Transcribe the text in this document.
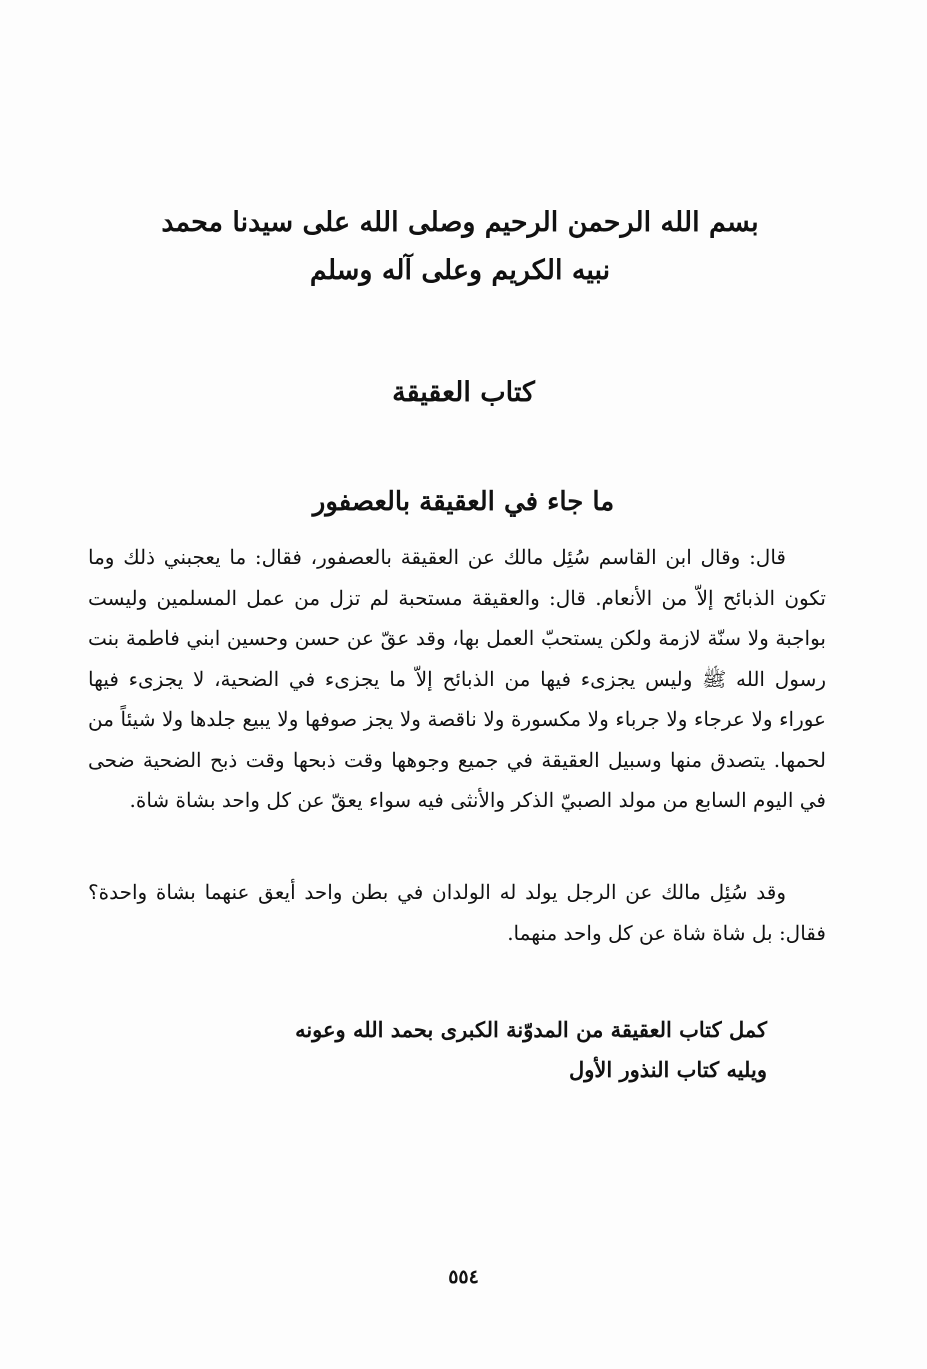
بسم الله الرحمن الرحيم وصلى الله على سيدنا محمد
نبيه الكريم وعلى آله وسلم
كتاب العقيقة
ما جاء في العقيقة بالعصفور

قال: وقال ابن القاسم سُئِل مالك عن العقيقة بالعصفور، فقال: ما يعجبني ذلك وما تكون الذبائح إلاّ من الأنعام. قال: والعقيقة مستحبة لم تزل من عمل المسلمين وليست بواجبة ولا سنّة لازمة ولكن يستحبّ العمل بها، وقد عقّ عن حسن وحسين ابني فاطمة بنت رسول الله ﷺ وليس يجزىء فيها من الذبائح إلاّ ما يجزىء في الضحية، لا يجزىء فيها عوراء ولا عرجاء ولا جرباء ولا مكسورة ولا ناقصة ولا يجز صوفها ولا يبيع جلدها ولا شيئاً من لحمها. يتصدق منها وسبيل العقيقة في جميع وجوهها وقت ذبحها وقت ذبح الضحية ضحى في اليوم السابع من مولد الصبيّ الذكر والأنثى فيه سواء يعقّ عن كل واحد بشاة شاة.

وقد سُئِل مالك عن الرجل يولد له الولدان في بطن واحد أيعق عنهما بشاة واحدة؟ فقال: بل شاة شاة عن كل واحد منهما.

كمل كتاب العقيقة من المدوّنة الكبرى بحمد الله وعونه
ويليه كتاب النذور الأول
٥٥٤
